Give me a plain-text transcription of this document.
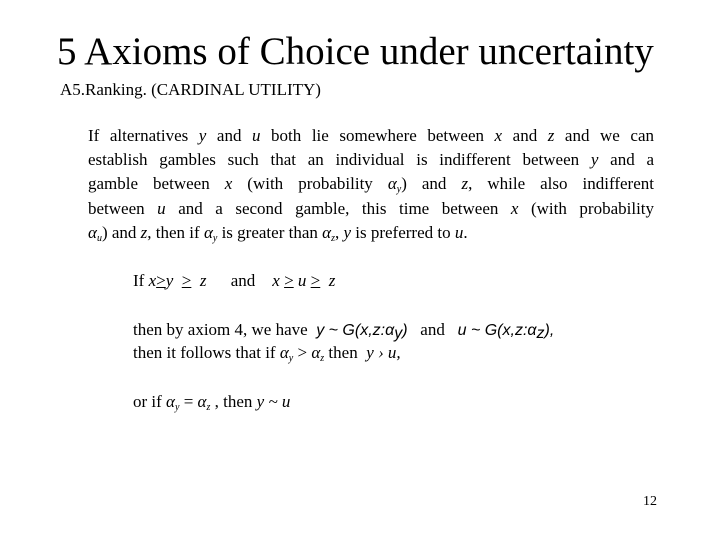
5 Axioms of Choice under uncertainty
A5.Ranking. (CARDINAL UTILITY)
If alternatives y and u both lie somewhere between x and z and we can
establish gambles such that an individual is indifferent between y and a
gamble between x (with probability $\alpha_y$) and z, while also indifferent
between u and a second gamble, this time between x (with probability
$\alpha_u$) and z, then if $\alpha_y$ is greater than $\alpha_z$, y is preferred to u.
If x>y > z and x > u > z
then by axiom 4, we have y ~ $G(x,z:\alpha_y)$ and u ~ $G(x,z:\alpha_z)$,
then it follows that if $\alpha_y > \alpha_z$ then y › u,
or if $\alpha_y = \alpha_z$ , then y ~ u
12
